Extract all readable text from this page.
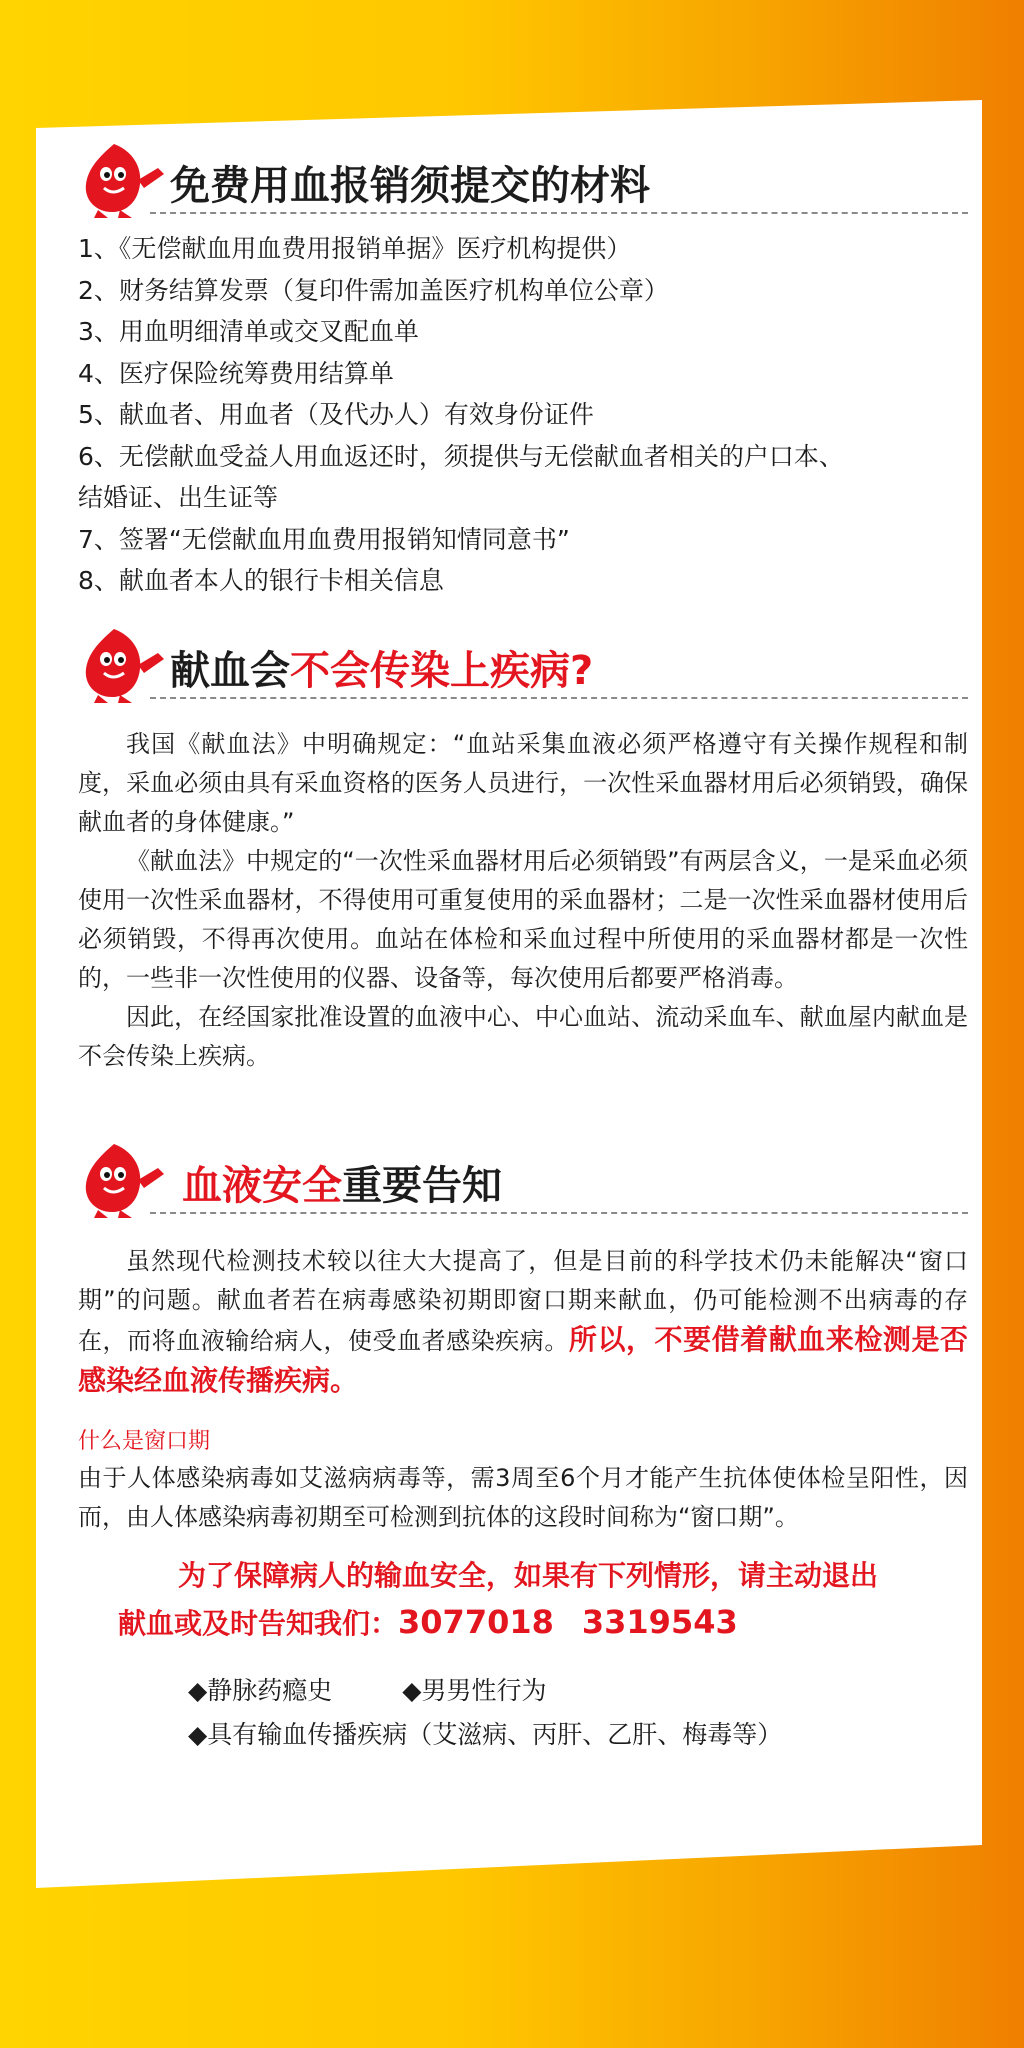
免费用血报销须提交的材料
1、《无偿献血用血费用报销单据》医疗机构提供）
2、财务结算发票（复印件需加盖医疗机构单位公章）
3、用血明细清单或交叉配血单
4、医疗保险统筹费用结算单
5、献血者、用血者（及代办人）有效身份证件
6、无偿献血受益人用血返还时，须提供与无偿献血者相关的户口本、
结婚证、出生证等
7、签署“无偿献血用血费用报销知情同意书”
8、献血者本人的银行卡相关信息
献血会不会传染上疾病?

我国《献血法》中明确规定：“血站采集血液必须严格遵守有关操作规程和制度，采血必须由具有采血资格的医务人员进行，一次性采血器材用后必须销毁，确保献血者的身体健康。”

《献血法》中规定的“一次性采血器材用后必须销毁”有两层含义，一是采血必须使用一次性采血器材，不得使用可重复使用的采血器材；二是一次性采血器材使用后必须销毁，不得再次使用。血站在体检和采血过程中所使用的采血器材都是一次性的，一些非一次性使用的仪器、设备等，每次使用后都要严格消毒。

因此，在经国家批准设置的血液中心、中心血站、流动采血车、献血屋内献血是不会传染上疾病。

血液安全重要告知

虽然现代检测技术较以往大大提高了，但是目前的科学技术仍未能解决“窗口期”的问题。献血者若在病毒感染初期即窗口期来献血，仍可能检测不出病毒的存在，而将血液输给病人，使受血者感染疾病。所以，不要借着献血来检测是否感染经血液传播疾病。

什么是窗口期

由于人体感染病毒如艾滋病病毒等，需3周至6个月才能产生抗体使体检呈阳性，因而，由人体感染病毒初期至可检测到抗体的这段时间称为“窗口期”。

为了保障病人的输血安全，如果有下列情形，请主动退出
献血或及时告知我们：3077018 3319543
◆静脉药瘾史	◆男男性行为
◆具有输血传播疾病（艾滋病、丙肝、乙肝、梅毒等）
